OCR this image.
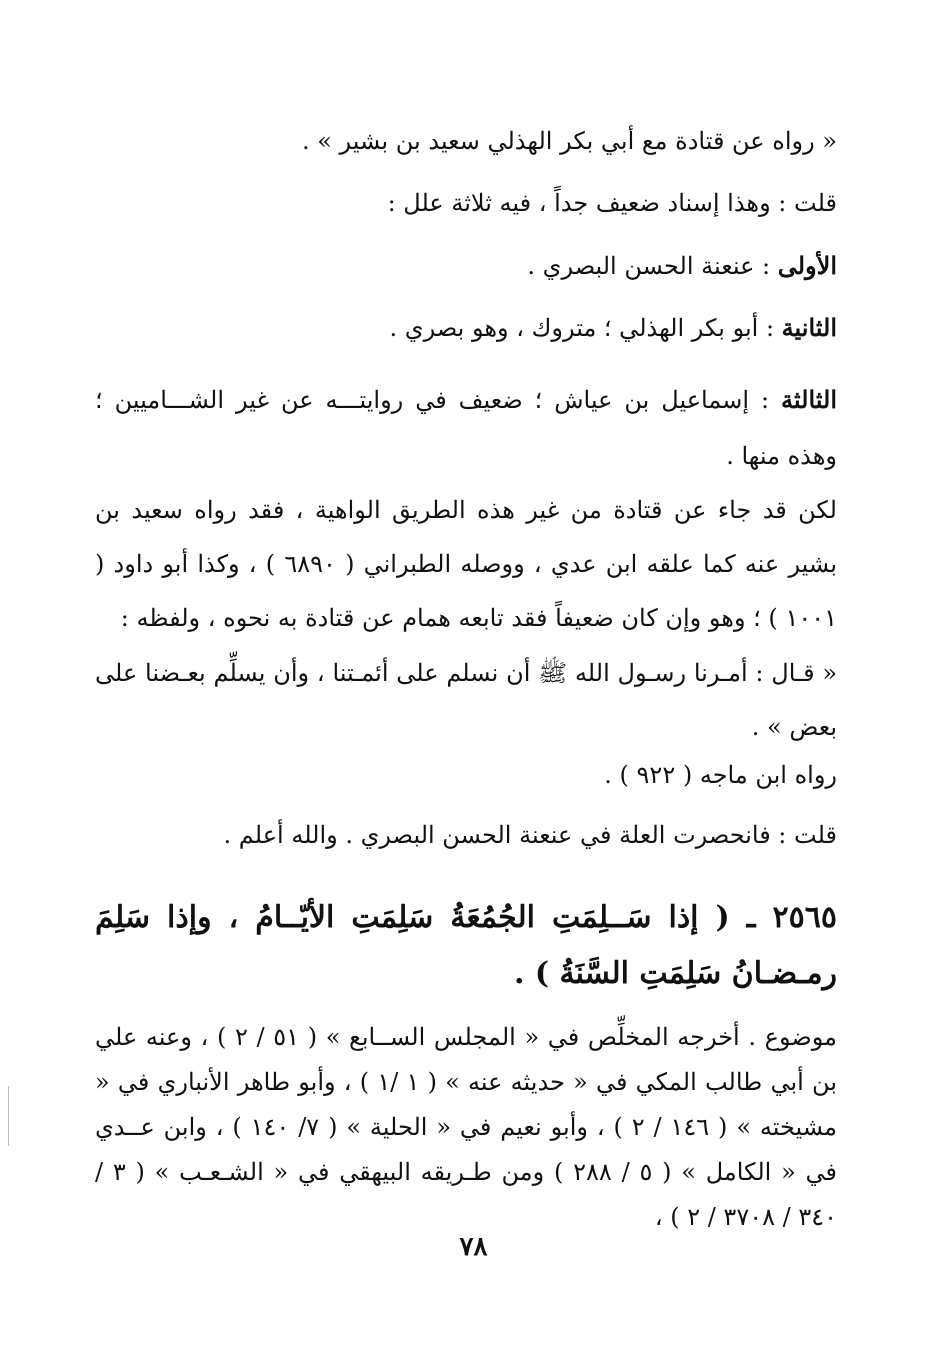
« رواه عن قتادة مع أبي بكر الهذلي سعيد بن بشير » .
قلت : وهذا إسناد ضعيف جداً ، فيه ثلاثة علل :
الأولى : عنعنة الحسن البصري .
الثانية : أبو بكر الهذلي ؛ متروك ، وهو بصري .
الثالثة : إسماعيل بن عياش ؛ ضعيف في روايتـــه عن غير الشـــاميين ؛ وهذه منها .
لكن قد جاء عن قتادة من غير هذه الطريق الواهية ، فقد رواه سعيد بن بشير عنه كما علقه ابن عدي ، ووصله الطبراني ( ٦٨٩٠ ) ، وكذا أبو داود ( ١٠٠١ ) ؛ وهو وإن كان ضعيفاً فقد تابعه همام عن قتادة به نحوه ، ولفظه :
« قـال : أمـرنا رسـول الله ﷺ أن نسلم على أئمـتنا ، وأن يسلِّم بعـضنا على بعض » .
رواه ابن ماجه ( ٩٢٢ ) .
قلت : فانحصرت العلة في عنعنة الحسن البصري . والله أعلم .
٢٥٦٥ ـ ( إذا سَــلِمَتِ الجُمُعَةُ سَلِمَتِ الأيّــامُ ، وإذا سَلِمَ رمـضـانُ سَلِمَتِ السَّنَةُ ) .
موضوع . أخرجه المخلِّص في « المجلس الســابع » ( ٥١ / ٢ ) ، وعنه علي بن أبي طالب المكي في « حديثه عنه » ( ١ /١ ) ، وأبو طاهر الأنباري في « مشيخته » ( ١٤٦ / ٢ ) ، وأبو نعيم في « الحلية » ( ٧/ ١٤٠ ) ، وابن عــدي في « الكامل » ( ٥ / ٢٨٨ ) ومن طـريقه البيهقي في « الشـعـب » ( ٣ / ٣٤٠ / ٣٧٠٨ / ٢ ) ،
٧٨
